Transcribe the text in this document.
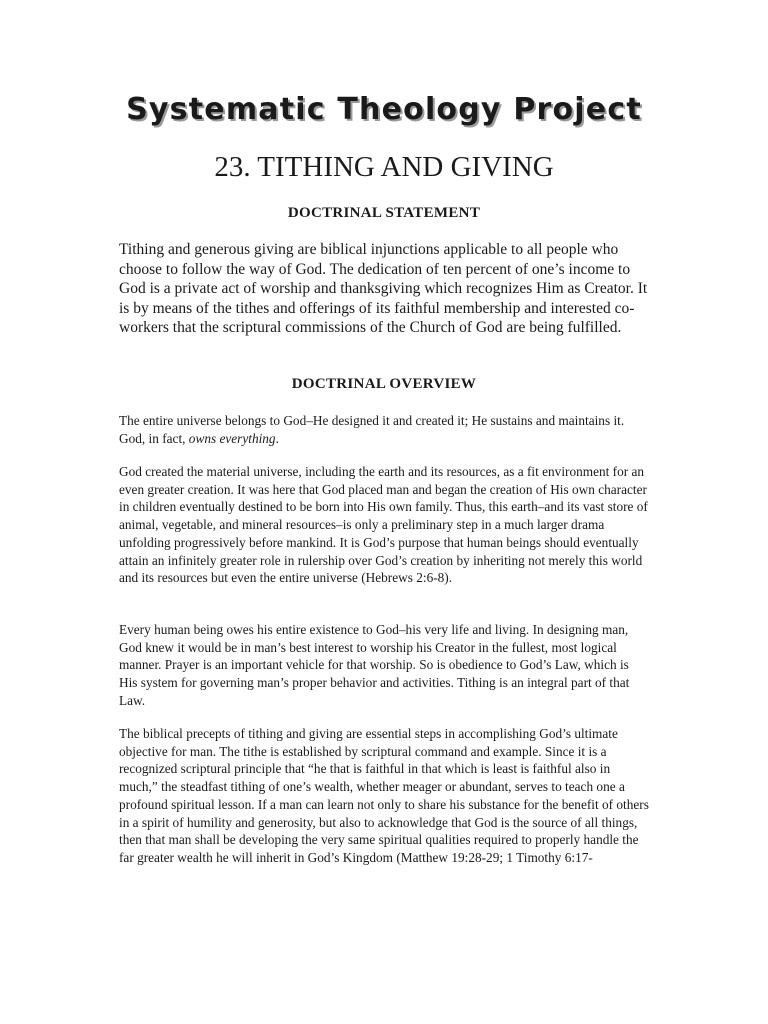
Systematic Theology Project
23. TITHING AND GIVING
DOCTRINAL STATEMENT

Tithing and generous giving are biblical injunctions applicable to all people who choose to follow the way of God. The dedication of ten percent of one’s income to God is a private act of worship and thanksgiving which recognizes Him as Creator. It is by means of the tithes and offerings of its faithful membership and interested co-workers that the scriptural commissions of the Church of God are being fulfilled.

DOCTRINAL OVERVIEW

The entire universe belongs to God–He designed it and created it; He sustains and maintains it. God, in fact, owns everything.

God created the material universe, including the earth and its resources, as a fit environment for an even greater creation. It was here that God placed man and began the creation of His own character in children eventually destined to be born into His own family. Thus, this earth–and its vast store of animal, vegetable, and mineral resources–is only a preliminary step in a much larger drama unfolding progressively before mankind. It is God’s purpose that human beings should eventually attain an infinitely greater role in rulership over God’s creation by inheriting not merely this world and its resources but even the entire universe (Hebrews 2:6-8).

Every human being owes his entire existence to God–his very life and living. In designing man, God knew it would be in man’s best interest to worship his Creator in the fullest, most logical manner. Prayer is an important vehicle for that worship. So is obedience to God’s Law, which is His system for governing man’s proper behavior and activities. Tithing is an integral part of that Law.

The biblical precepts of tithing and giving are essential steps in accomplishing God’s ultimate objective for man. The tithe is established by scriptural command and example. Since it is a recognized scriptural principle that “he that is faithful in that which is least is faithful also in much,” the steadfast tithing of one’s wealth, whether meager or abundant, serves to teach one a profound spiritual lesson. If a man can learn not only to share his substance for the benefit of others in a spirit of humility and generosity, but also to acknowledge that God is the source of all things, then that man shall be developing the very same spiritual qualities required to properly handle the far greater wealth he will inherit in God’s Kingdom (Matthew 19:28-29; 1 Timothy 6:17-
